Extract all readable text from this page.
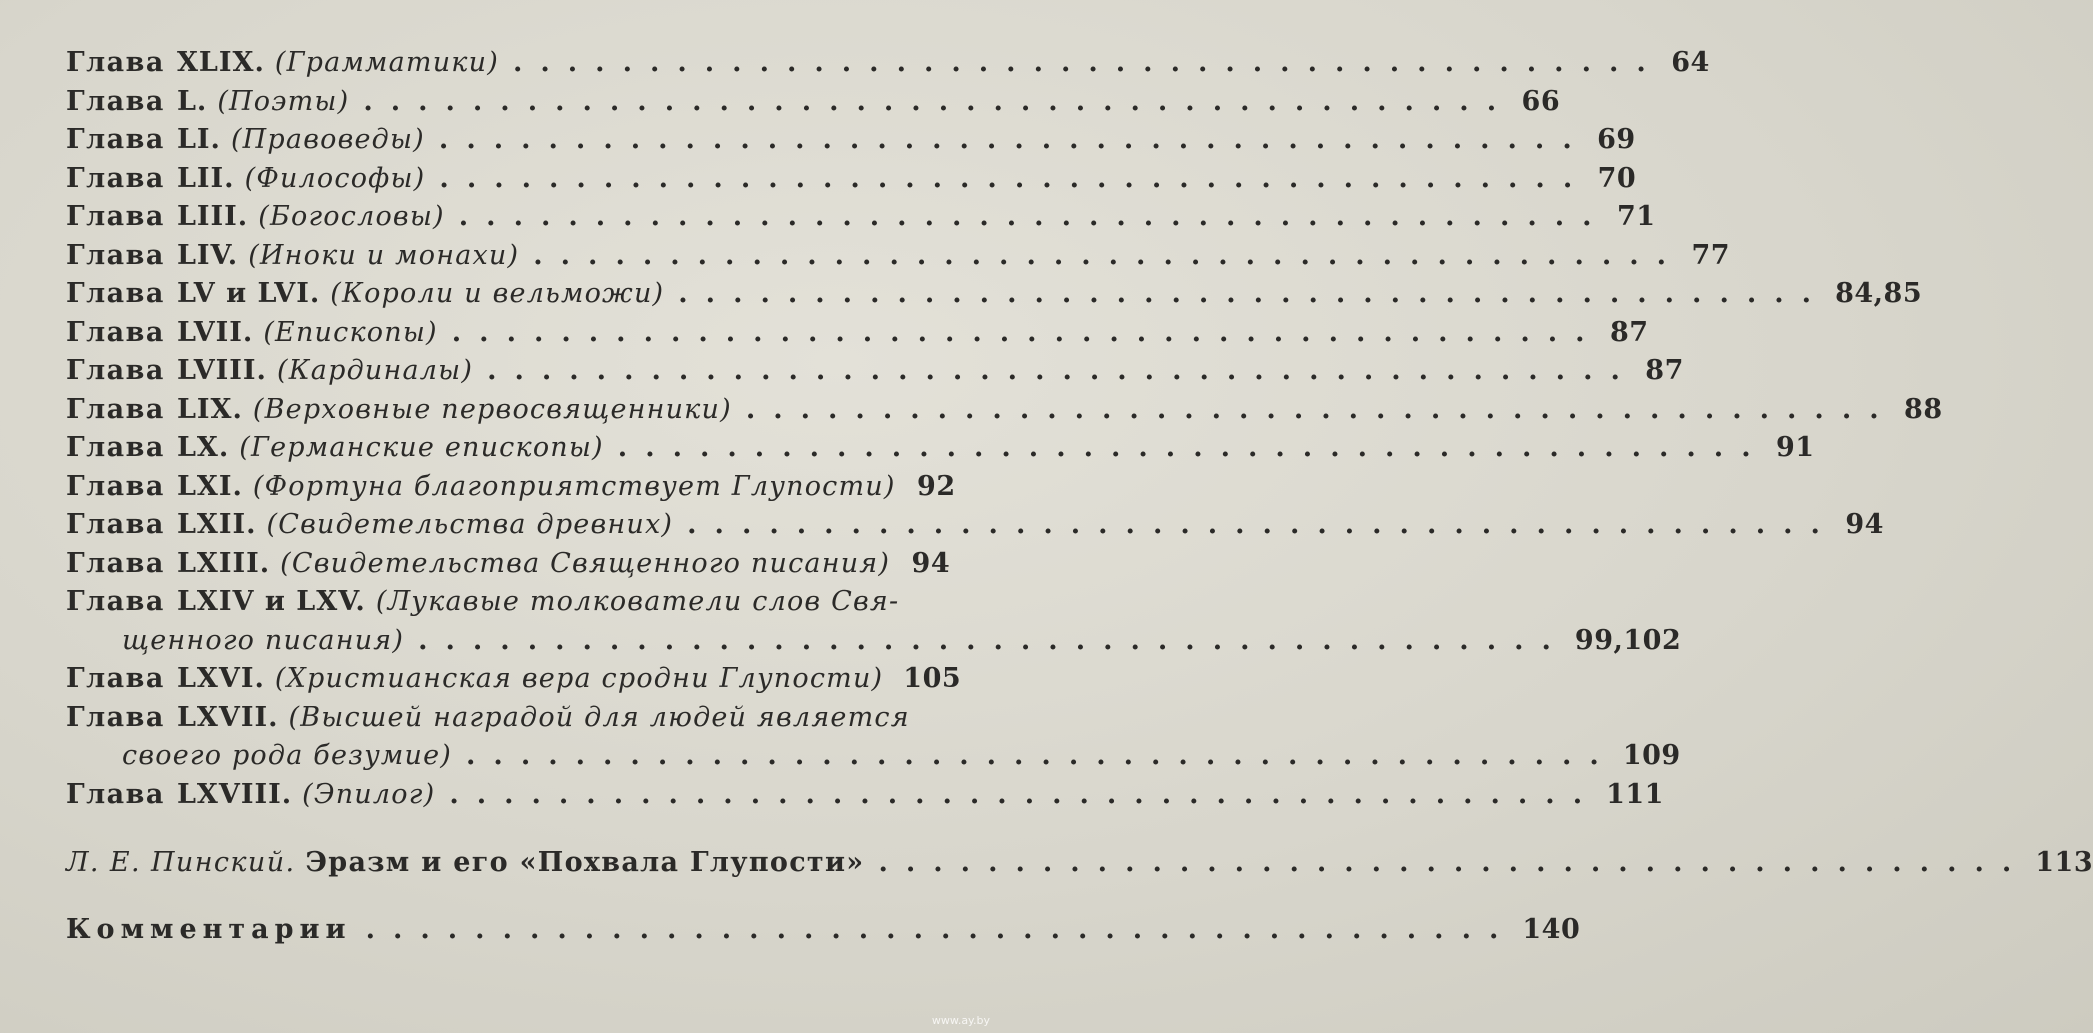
Глава XLIX. (Грамматики) .......................................... 64
Глава L. (Поэты) .......................................... 66
Глава LI. (Правоведы) .......................................... 69
Глава LII. (Философы) .......................................... 70
Глава LIII. (Богословы) .......................................... 71
Глава LIV. (Иноки и монахи) .......................................... 77
Глава LV и LVI. (Короли и вельможи) .......................................... 84,85
Глава LVII. (Епископы) .......................................... 87
Глава LVIII. (Кардиналы) .......................................... 87
Глава LIX. (Верховные первосвященники) .......................................... 88
Глава LX. (Германские епископы) .......................................... 91
Глава LXI. (Фортуна благоприятствует Глупости) 92
Глава LXII. (Свидетельства древних) .......................................... 94
Глава LXIII. (Свидетельства Священного писания) 94
Глава LXIV и LXV. (Лукавые толкователи слов Свя-
щенного писания) .......................................... 99,102
Глава LXVI. (Христианская вера сродни Глупости) 105
Глава LXVII. (Высшей наградой для людей является
своего рода безумие) .......................................... 109
Глава LXVIII. (Эпилог) .......................................... 111
Л. Е. Пинский. Эразм и его «Похвала Глупости» .......................................... 113
Комментарии .......................................... 140
www.ay.by
